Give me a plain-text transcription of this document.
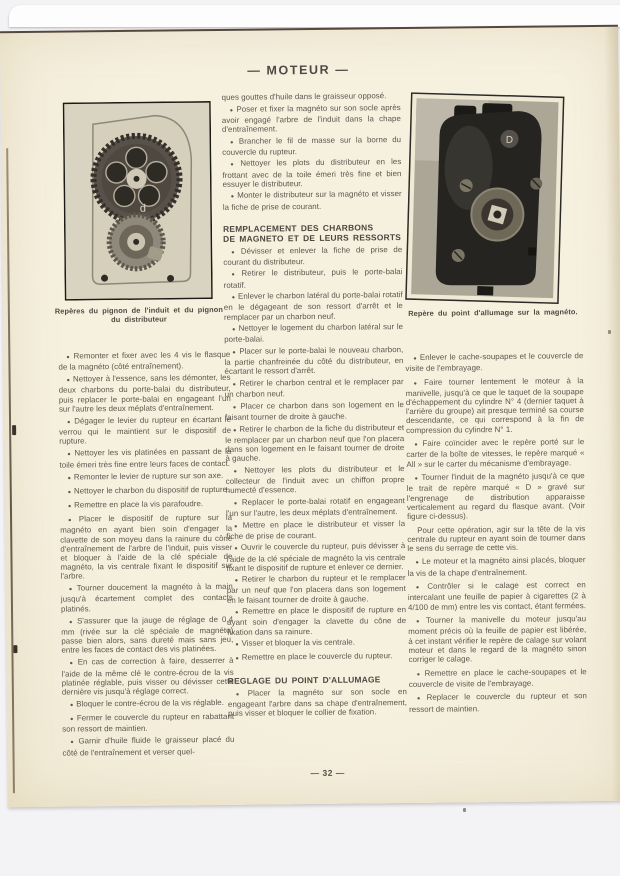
— MOTEUR —
d
Repères du pignon de l'induit et du pignon du distributeur
D
Repère du point d'allumage sur la magnéto.

● Remonter et fixer avec les 4 vis le flasque de la magnéto (côté entraînement).

● Nettoyer à l'essence, sans les démonter, les deux charbons du porte-balai du distributeur, puis replacer le porte-balai en engageant l'un sur l'autre les deux méplats d'entraînement.

● Dégager le levier du rupteur en écartant le verrou qui le maintient sur le dispositif de rupture.

● Nettoyer les vis platinées en passant de la toile émeri très fine entre leurs faces de contact.

● Remonter le levier de rupture sur son axe.

● Nettoyer le charbon du dispositif de rupture.

● Remettre en place la vis parafoudre.

● Placer le dispositif de rupture sur la magnéto en ayant bien soin d'engager la clavette de son moyeu dans la rainure du cône d'entraînement de l'arbre de l'induit, puis visser et bloquer à l'aide de la clé spéciale de magnéto, la vis centrale fixant le dispositif sur l'arbre.

● Tourner doucement la magnéto à la main jusqu'à écartement complet des contacts platinés.

● S'assurer que la jauge de réglage de 0,4 mm (rivée sur la clé spéciale de magnéto) passe bien alors, sans dureté mais sans jeu, entre les faces de contact des vis platinées.

● En cas de correction à faire, desserrer à l'aide de la même clé le contre-écrou de la vis platinée réglable, puis visser ou dévisser cette dernière vis jusqu'à réglage correct.

● Bloquer le contre-écrou de la vis réglable.

● Fermer le couvercle du rupteur en rabattant son ressort de maintien.

● Garnir d'huile fluide le graisseur placé du côté de l'entraînement et verser quel-

ques gouttes d'huile dans le graisseur opposé.

● Poser et fixer la magnéto sur son socle après avoir engagé l'arbre de l'induit dans la chape d'entraînement.

● Brancher le fil de masse sur la borne du couvercle du rupteur.

● Nettoyer les plots du distributeur en les frottant avec de la toile émeri très fine et bien essuyer le distributeur.

● Monter le distributeur sur la magnéto et visser la fiche de prise de courant.

REMPLACEMENT DES CHARBONS
DE MAGNETO ET DE LEURS RESSORTS

● Dévisser et enlever la fiche de prise de courant du distributeur.

● Retirer le distributeur, puis le porte-balai rotatif.

● Enlever le charbon latéral du porte-balai rotatif en le dégageant de son ressort d'arrêt et le remplacer par un charbon neuf.

● Nettoyer le logement du charbon latéral sur le porte-balai.

● Placer sur le porte-balai le nouveau charbon, la partie chanfreinée du côté du distributeur, en écartant le ressort d'arrêt.

● Retirer le charbon central et le remplacer par un charbon neuf.

● Placer ce charbon dans son logement en le faisant tourner de droite à gauche.

● Retirer le charbon de la fiche du distributeur et le remplacer par un charbon neuf que l'on placera dans son logement en le faisant tourner de droite à gauche.

● Nettoyer les plots du distributeur et le collecteur de l'induit avec un chiffon propre humecté d'essence.

● Replacer le porte-balai rotatif en engageant l'un sur l'autre, les deux méplats d'entraînement.

● Mettre en place le distributeur et visser la fiche de prise de courant.

● Ouvrir le couvercle du rupteur, puis dévisser à l'aide de la clé spéciale de magnéto la vis centrale fixant le dispositif de rupture et enlever ce dernier.

● Retirer le charbon du rupteur et le remplacer par un neuf que l'on placera dans son logement en le faisant tourner de droite à gauche.

● Remettre en place le dispositif de rupture en ayant soin d'engager la clavette du cône de fixation dans sa rainure.

● Visser et bloquer la vis centrale.

● Remettre en place le couvercle du rupteur.

REGLAGE DU POINT D'ALLUMAGE

● Placer la magnéto sur son socle en engageant l'arbre dans sa chape d'entraînement, puis visser et bloquer le collier de fixation.

● Enlever le cache-soupapes et le couvercle de visite de l'embrayage.

● Faire tourner lentement le moteur à la manivelle, jusqu'à ce que le taquet de la soupape d'échappement du cylindre N° 4 (dernier taquet à l'arrière du groupe) ait presque terminé sa course descendante, ce qui correspond à la fin de compression du cylindre N° 1.

● Faire coïncider avec le repère porté sur le carter de la boîte de vitesses, le repère marqué « All » sur le carter du mécanisme d'embrayage.

● Tourner l'induit de la magnéto jusqu'à ce que le trait de repère marqué « D » gravé sur l'engrenage de distribution apparaisse verticalement au regard du flasque avant. (Voir figure ci-dessus).

Pour cette opération, agir sur la tête de la vis centrale du rupteur en ayant soin de tourner dans le sens du serrage de cette vis.

● Le moteur et la magnéto ainsi placés, bloquer la vis de la chape d'entraînement.

● Contrôler si le calage est correct en intercalant une feuille de papier à cigarettes (2 à 4/100 de mm) entre les vis contact, étant fermées.

● Tourner la manivelle du moteur jusqu'au moment précis où la feuille de papier est libérée, à cet instant vérifier le repère de calage sur volant moteur et dans le regard de la magnéto sinon corriger le calage.

● Remettre en place le cache-soupapes et le couvercle de visite de l'embrayage.

● Replacer le couvercle du rupteur et son ressort de maintien.

— 32 —
